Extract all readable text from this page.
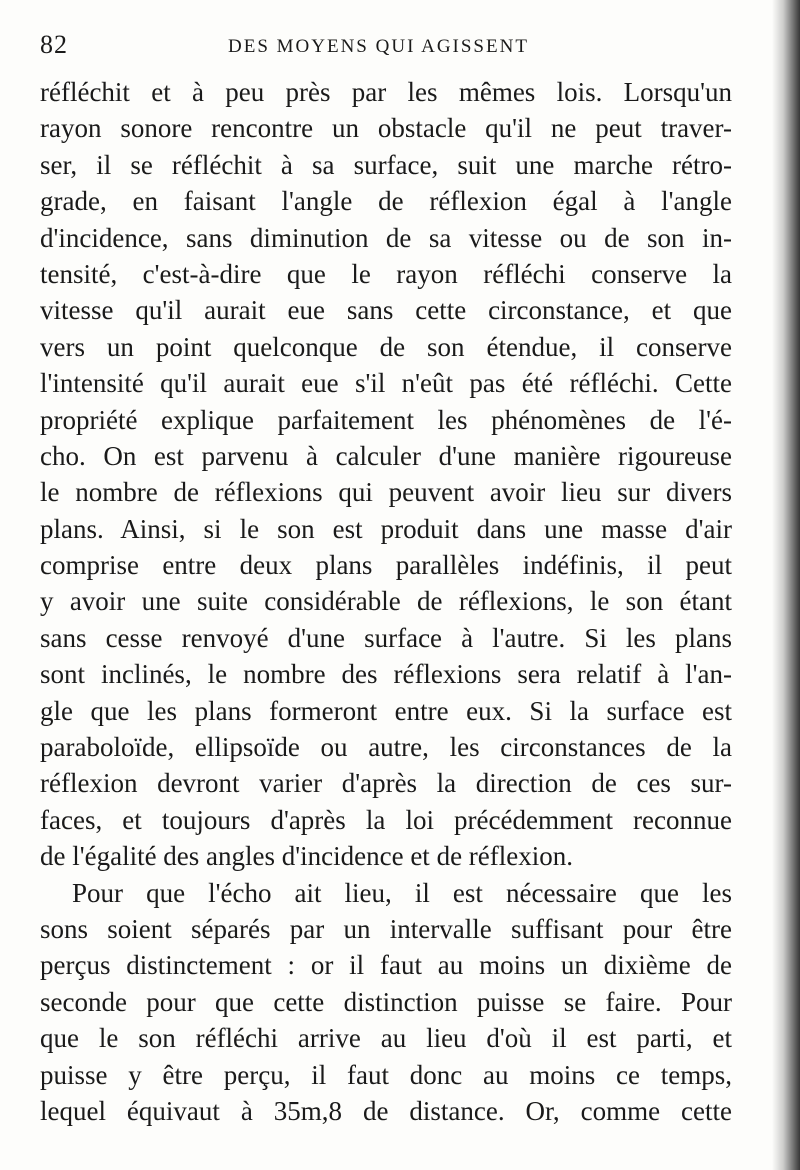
82	DES MOYENS QUI AGISSENT
réfléchit et à peu près par les mêmes lois. Lorsqu'un
rayon sonore rencontre un obstacle qu'il ne peut traver-
ser, il se réfléchit à sa surface, suit une marche rétro-
grade, en faisant l'angle de réflexion égal à l'angle
d'incidence, sans diminution de sa vitesse ou de son in-
tensité, c'est-à-dire que le rayon réfléchi conserve la
vitesse qu'il aurait eue sans cette circonstance, et que
vers un point quelconque de son étendue, il conserve
l'intensité qu'il aurait eue s'il n'eût pas été réfléchi. Cette
propriété explique parfaitement les phénomènes de l'é-
cho. On est parvenu à calculer d'une manière rigoureuse
le nombre de réflexions qui peuvent avoir lieu sur divers
plans. Ainsi, si le son est produit dans une masse d'air
comprise entre deux plans parallèles indéfinis, il peut
y avoir une suite considérable de réflexions, le son étant
sans cesse renvoyé d'une surface à l'autre. Si les plans
sont inclinés, le nombre des réflexions sera relatif à l'an-
gle que les plans formeront entre eux. Si la surface est
paraboloïde, ellipsoïde ou autre, les circonstances de la
réflexion devront varier d'après la direction de ces sur-
faces, et toujours d'après la loi précédemment reconnue
de l'égalité des angles d'incidence et de réflexion.
Pour que l'écho ait lieu, il est nécessaire que les
sons soient séparés par un intervalle suffisant pour être
perçus distinctement : or il faut au moins un dixième de
seconde pour que cette distinction puisse se faire. Pour
que le son réfléchi arrive au lieu d'où il est parti, et
puisse y être perçu, il faut donc au moins ce temps,
lequel équivaut à 35m,8 de distance. Or, comme cette
